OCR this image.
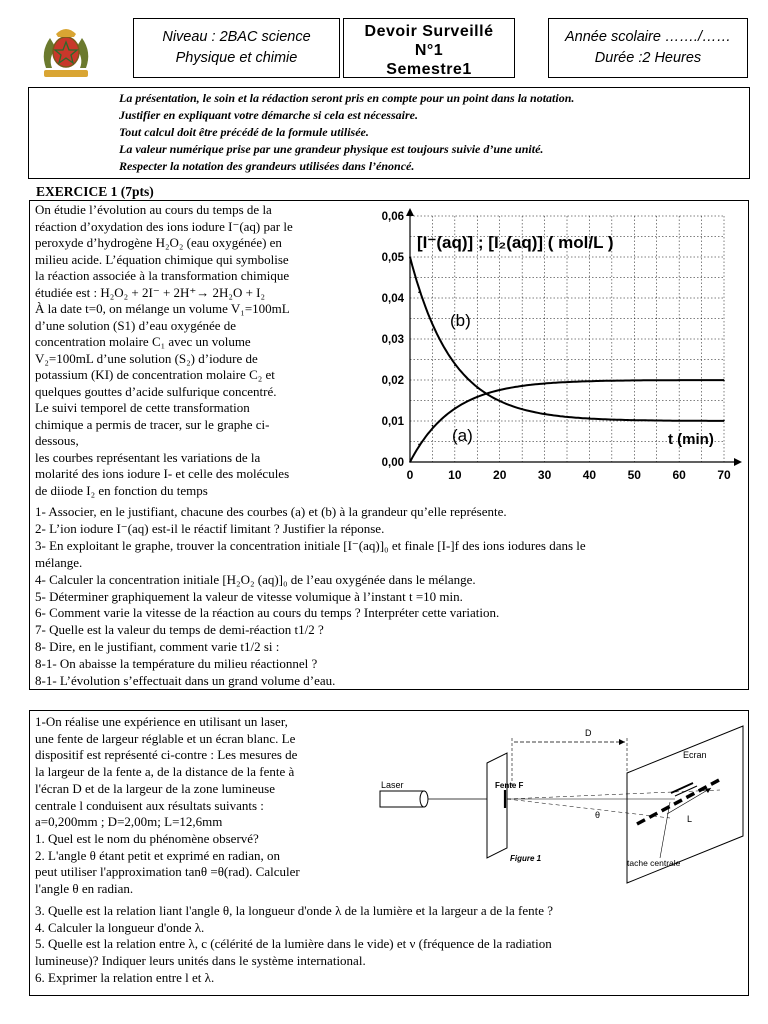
Niveau : 2BAC science
Physique et chimie
Devoir Surveillé
N°1
Semestre1
Année scolaire ……./……
Durée :2 Heures

La présentation, le soin et la rédaction seront pris en compte pour un point dans la notation.

Justifier en expliquant votre démarche si cela est nécessaire.

Tout calcul doit être précédé de la formule utilisée.

La valeur numérique prise par une grandeur physique est toujours suivie d’une unité.

Respecter la notation des grandeurs utilisées dans l’énoncé.

EXERCICE 1 (7pts)

On étudie l’évolution au cours du temps de la

réaction d’oxydation des ions iodure I⁻(aq) par le

peroxyde d’hydrogène H₂O₂ (eau oxygénée) en

milieu acide. L’équation chimique qui symbolise

la réaction associée à la transformation chimique

étudiée est : H₂O₂ + 2I⁻ + 2H⁺→ 2H₂O + I₂

À la date t=0, on mélange un volume V₁=100mL

d’une solution (S1) d’eau oxygénée de

concentration molaire C₁ avec un volume

V₂=100mL d’une solution (S₂) d’iodure de

potassium (KI) de concentration molaire C₂ et

quelques gouttes d’acide sulfurique concentré.

Le suivi temporel de cette transformation

chimique a permis de tracer, sur le graphe ci-

dessous,

les courbes représentant les variations de la

molarité des ions iodure I- et celle des molécules

de diiode I₂ en fonction du temps

0	10	20	30	40	50	60	70
0,00
0,01
0,02
0,03
0,04
0,05
0,06
[I⁻(aq)] ; [I₂(aq)] ( mol/L )
(b)
(a)	t (min)

1- Associer, en le justifiant, chacune des courbes (a) et (b) à la grandeur qu’elle représente.

2- L’ion iodure I⁻(aq) est-il le réactif limitant ? Justifier la réponse.

3- En exploitant le graphe, trouver la concentration initiale [I⁻(aq)]₀ et finale [I-]f des ions iodures dans le

mélange.

4- Calculer la concentration initiale [H₂O₂ (aq)]₀ de l’eau oxygénée dans le mélange.

5- Déterminer graphiquement la valeur de vitesse volumique à l’instant t =10 min.

6- Comment varie la vitesse de la réaction au cours du temps ? Interpréter cette variation.

7- Quelle est la valeur du temps de demi-réaction t1/2 ?

8- Dire, en le justifiant, comment varie t1/2 si :

8-1- On abaisse la température du milieu réactionnel ?

8-1- L’évolution s’effectuait dans un grand volume d’eau.

1-On réalise une expérience en utilisant un laser,

une fente de largeur réglable et un écran blanc. Le

dispositif est représenté ci-contre : Les mesures de

la largeur de la fente a, de la distance de la fente à

l'écran D et de la largeur de la zone lumineuse

centrale l conduisent aux résultats suivants :

a=0,200mm ; D=2,00m; L=12,6mm

1. Quel est le nom du phénomène observé?

2. L'angle θ étant petit et exprimé en radian, on

peut utiliser l'approximation tanθ =θ(rad). Calculer

l'angle θ en radian.

Laser	Fente F
D
θ
Ecran
L
tache centrale
Figure 1

3. Quelle est la relation liant l'angle θ, la longueur d'onde λ de la lumière et la largeur a de la fente ?

4. Calculer la longueur d'onde λ.

5. Quelle est la relation entre λ, c (célérité de la lumière dans le vide) et ν (fréquence de la radiation

lumineuse)? Indiquer leurs unités dans le système international.

6. Exprimer la relation entre l et λ.
